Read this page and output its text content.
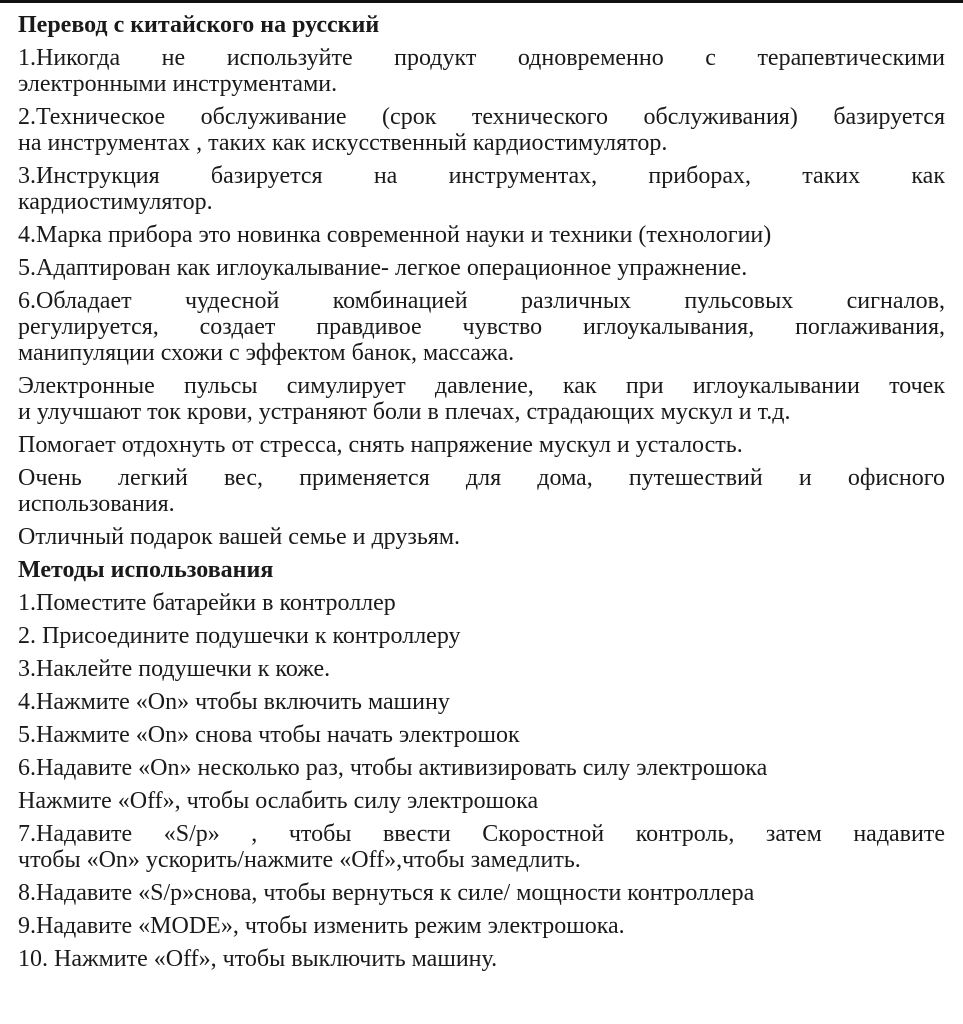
Перевод с китайского на русский
1.Никогда не используйте продукт одновременно с терапевтическими
электронными инструментами.
2.Техническое обслуживание (срок технического обслуживания) базируется
на инструментах , таких как искусственный кардиостимулятор.
3.Инструкция базируется на инструментах, приборах, таких как
кардиостимулятор.
4.Марка прибора это новинка современной науки и техники (технологии)
5.Адаптирован как иглоукалывание- легкое операционное упражнение.
6.Обладает чудесной комбинацией различных пульсовых сигналов,
регулируется, создает правдивое чувство иглоукалывания, поглаживания,
манипуляции схожи с эффектом банок, массажа.
Электронные пульсы симулирует давление, как при иглоукалывании точек
и улучшают ток крови, устраняют боли в плечах, страдающих мускул и т.д.
Помогает отдохнуть от стресса, снять напряжение мускул и усталость.
Очень легкий вес, применяется для дома, путешествий и офисного
использования.
Отличный подарок вашей семье и друзьям.
Методы использования
1.Поместите батарейки в контроллер
2. Присоедините подушечки к контроллеру
3.Наклейте подушечки к коже.
4.Нажмите «On» чтобы включить машину
5.Нажмите «On» снова чтобы начать электрошок
6.Надавите «On» несколько раз, чтобы активизировать силу электрошока
Нажмите «Off», чтобы ослабить силу электрошока
7.Надавите «S/p» , чтобы ввести Скоростной контроль, затем надавите
чтобы «On» ускорить/нажмите «Off»,чтобы замедлить.
8.Надавите «S/p»снова, чтобы вернуться к силе/ мощности контроллера
9.Надавите «MODE», чтобы изменить режим электрошока.
10. Нажмите «Off», чтобы выключить машину.
